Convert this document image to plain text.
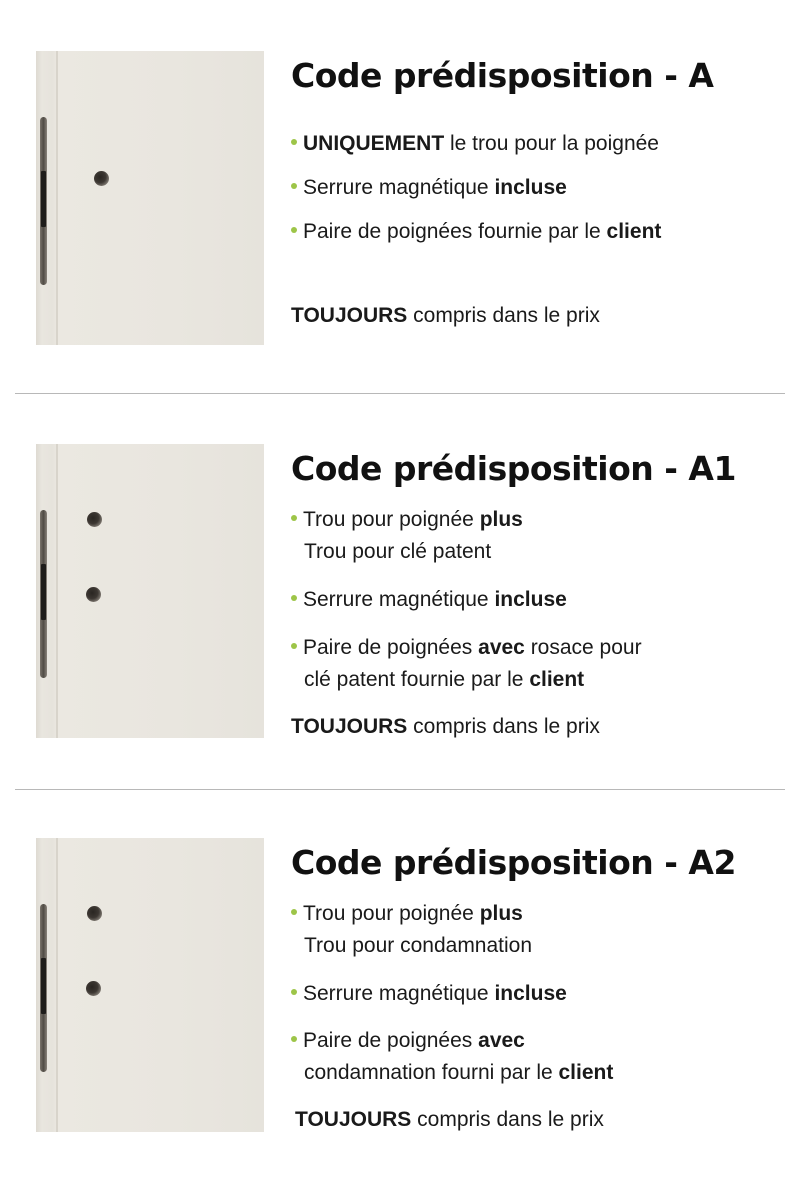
Code prédisposition - A
UNIQUEMENT le trou pour la poignée
Serrure magnétique incluse
Paire de poignées fournie par le client
TOUJOURS compris dans le prix
Code prédisposition - A1
Trou pour poignée plus
Trou pour clé patent
Serrure magnétique incluse
Paire de poignées avec rosace pour
clé patent fournie par le client
TOUJOURS compris dans le prix
Code prédisposition - A2
Trou pour poignée plus
Trou pour condamnation
Serrure magnétique incluse
Paire de poignées avec
condamnation fourni par le client
TOUJOURS compris dans le prix
